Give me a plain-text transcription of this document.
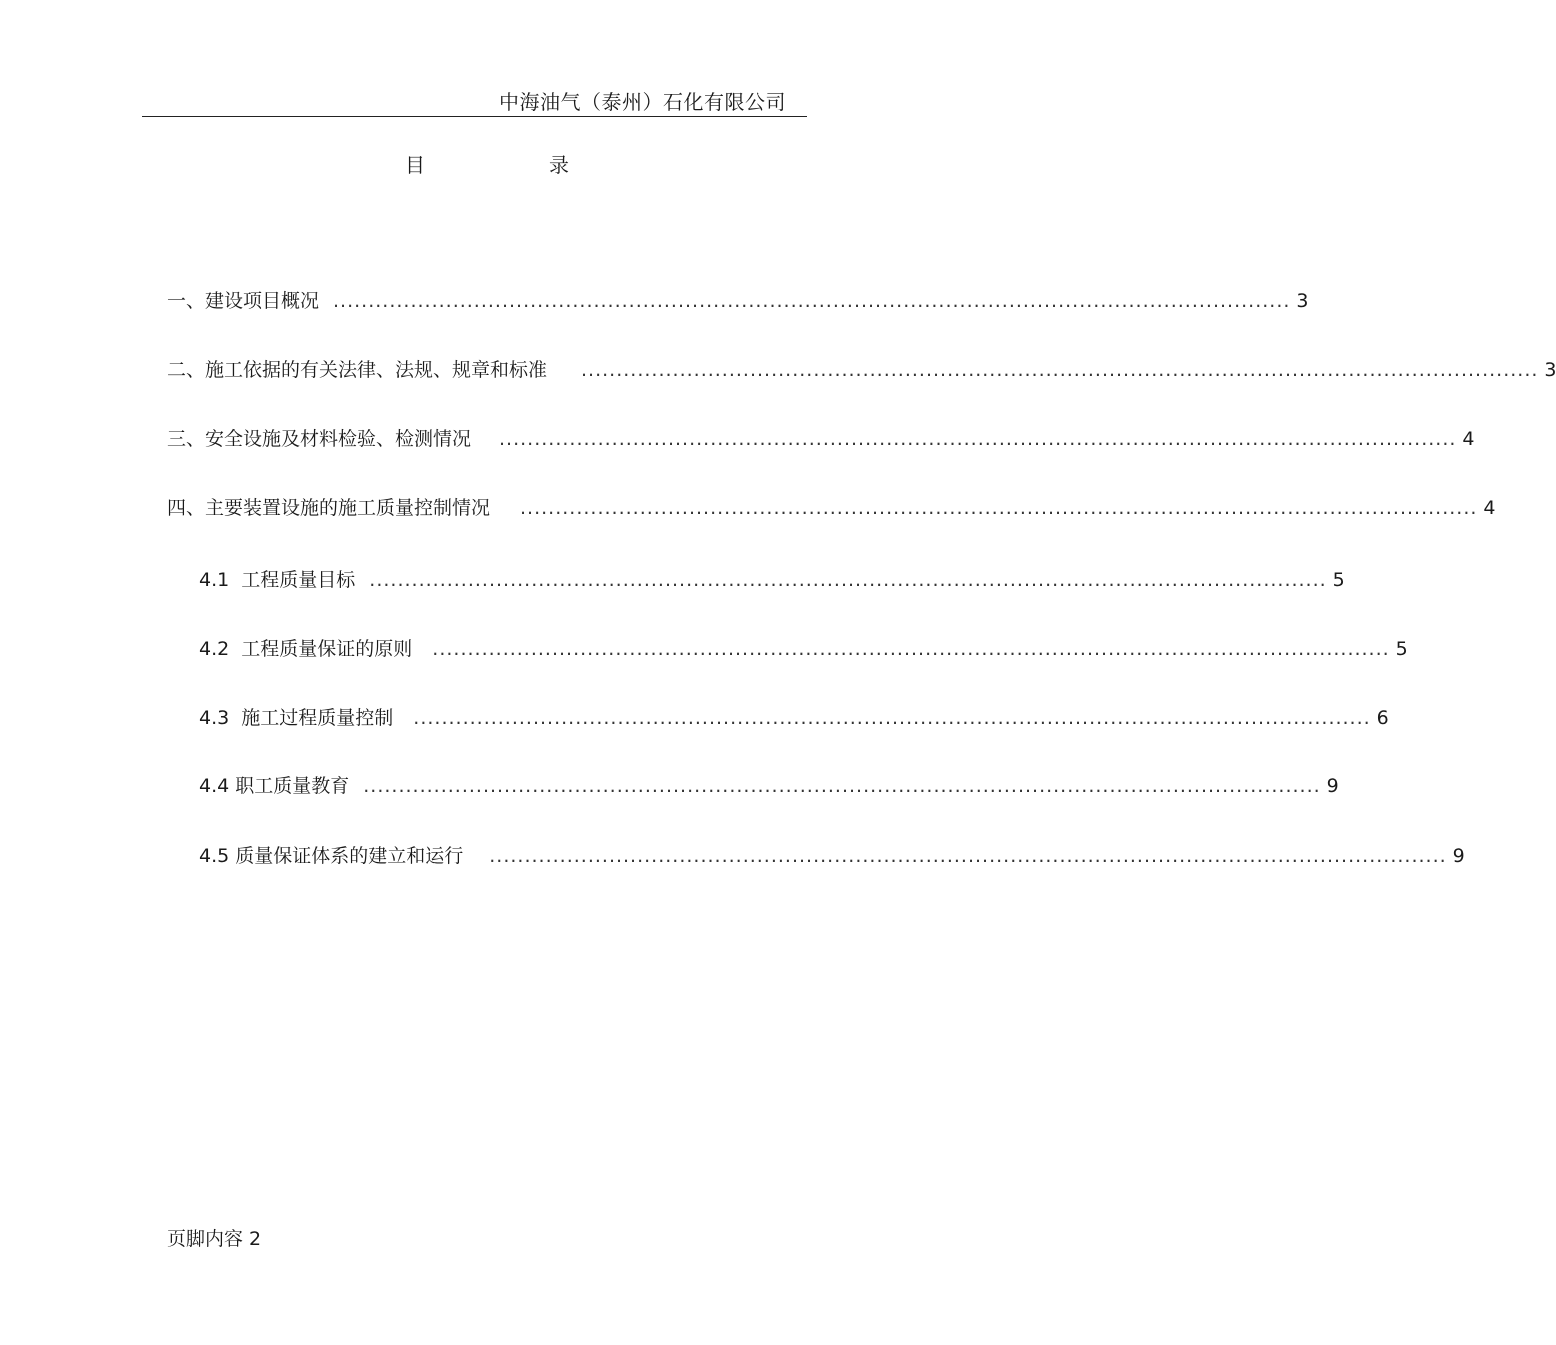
中海油气（泰州）石化有限公司
目	录
一、建设项目概况 ........................................................................................................................................ 3
二、施工依据的有关法律、法规、规章和标准 ........................................................................................................................................ 3
三、安全设施及材料检验、检测情况 ........................................................................................................................................ 4
四、主要装置设施的施工质量控制情况 ........................................................................................................................................ 4
4.1  工程质量目标 ........................................................................................................................................ 5
4.2  工程质量保证的原则 ........................................................................................................................................ 5
4.3  施工过程质量控制 ........................................................................................................................................ 6
4.4 职工质量教育 ........................................................................................................................................ 9
4.5 质量保证体系的建立和运行 ........................................................................................................................................ 9
页脚内容 2
